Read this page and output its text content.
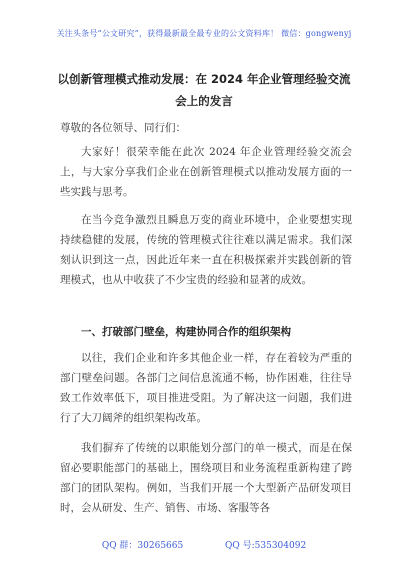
关注头条号“公文研究”，获得最新最全最专业的公文资料库！ 微信：gongwenyj
以创新管理模式推动发展：在 2024 年企业管理经验交流会上的发言
尊敬的各位领导、同行们：

大家好！很荣幸能在此次 2024 年企业管理经验交流会上，与大家分享我们企业在创新管理模式以推动发展方面的一些实践与思考。

在当今竞争激烈且瞬息万变的商业环境中，企业要想实现持续稳健的发展，传统的管理模式往往难以满足需求。我们深刻认识到这一点，因此近年来一直在积极探索并实践创新的管理模式，也从中收获了不少宝贵的经验和显著的成效。

一、打破部门壁垒，构建协同合作的组织架构

以往，我们企业和许多其他企业一样，存在着较为严重的部门壁垒问题。各部门之间信息流通不畅，协作困难，往往导致工作效率低下，项目推进受阻。为了解决这一问题，我们进行了大刀阔斧的组织架构改革。

我们摒弃了传统的以职能划分部门的单一模式，而是在保留必要职能部门的基础上，围绕项目和业务流程重新构建了跨部门的团队架构。例如，当我们开展一个大型新产品研发项目时，会从研发、生产、销售、市场、客服等各

QQ 群：30265665	QQ 号:535304092
